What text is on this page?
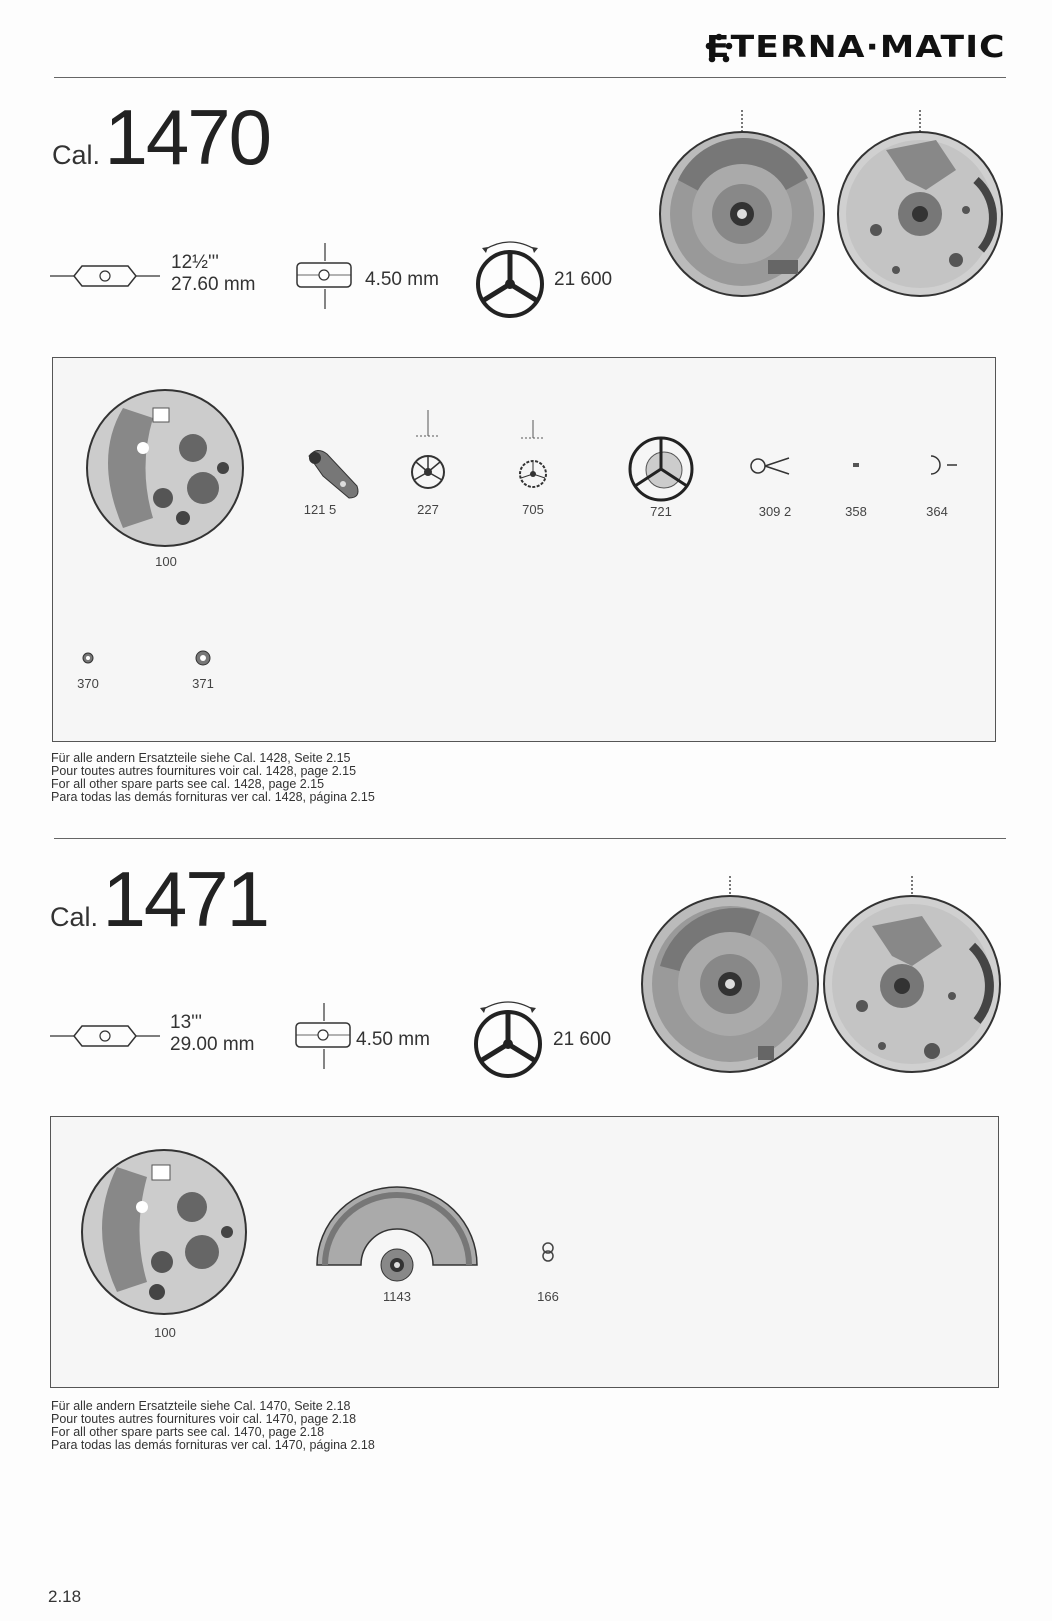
ETERNA·MATIC
Cal. 1470
12½'''
27.60 mm	4.50 mm	21 600
100
121 5	227	705	721	309 2	358	364
370	371
Für alle andern Ersatzteile siehe Cal. 1428, Seite 2.15
Pour toutes autres fournitures voir cal. 1428, page 2.15
For all other spare parts see cal. 1428, page 2.15
Para todas las demás fornituras ver cal. 1428, página 2.15
Cal. 1471
13'''
29.00 mm	4.50 mm	21 600
100
1143	166
Für alle andern Ersatzteile siehe Cal. 1470, Seite 2.18
Pour toutes autres fournitures voir cal. 1470, page 2.18
For all other spare parts see cal. 1470, page 2.18
Para todas las demás fornituras ver cal. 1470, página 2.18
2.18
